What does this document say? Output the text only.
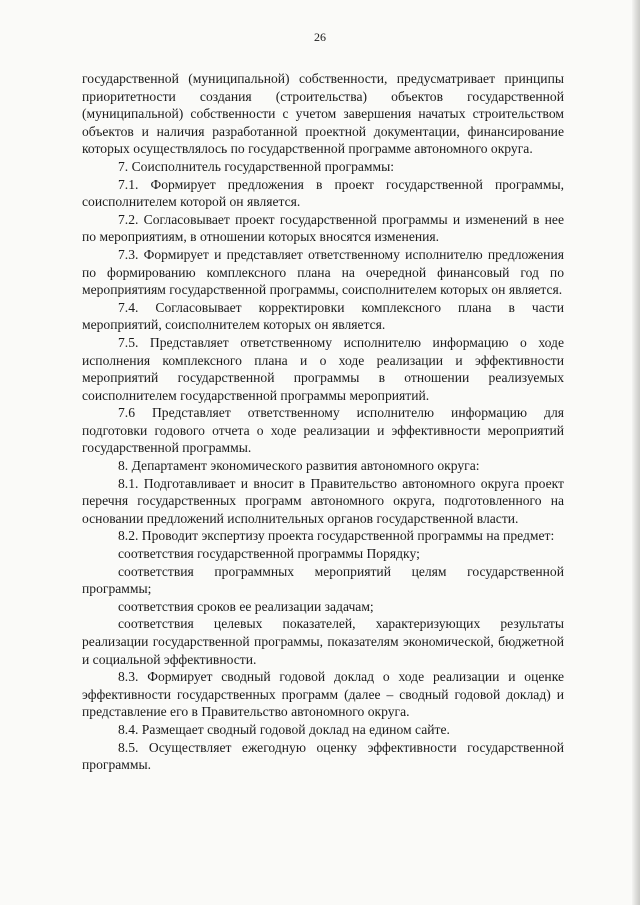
26

государственной (муниципальной) собственности, предусматривает принципы приоритетности создания (строительства) объектов государственной (муниципальной) собственности с учетом завершения начатых строительством объектов и наличия разработанной проектной документации, финансирование которых осуществлялось по государственной программе автономного округа.

7. Соисполнитель государственной программы:

7.1. Формирует предложения в проект государственной программы, соисполнителем которой он является.

7.2. Согласовывает проект государственной программы и изменений в нее по мероприятиям, в отношении которых вносятся изменения.

7.3. Формирует и представляет ответственному исполнителю предложения по формированию комплексного плана на очередной финансовый год по мероприятиям государственной программы, соисполнителем которых он является.

7.4. Согласовывает корректировки комплексного плана в части мероприятий, соисполнителем которых он является.

7.5. Представляет ответственному исполнителю информацию о ходе исполнения комплексного плана и о ходе реализации и эффективности мероприятий государственной программы в отношении реализуемых соисполнителем государственной программы мероприятий.

7.6 Представляет ответственному исполнителю информацию для подготовки годового отчета о ходе реализации и эффективности мероприятий государственной программы.

8. Департамент экономического развития автономного округа:

8.1. Подготавливает и вносит в Правительство автономного округа проект перечня государственных программ автономного округа, подготовленного на основании предложений исполнительных органов государственной власти.

8.2. Проводит экспертизу проекта государственной программы на предмет:

соответствия государственной программы Порядку;

соответствия программных мероприятий целям государственной программы;

соответствия сроков ее реализации задачам;

соответствия целевых показателей, характеризующих результаты реализации государственной программы, показателям экономической, бюджетной и социальной эффективности.

8.3. Формирует сводный годовой доклад о ходе реализации и оценке эффективности государственных программ (далее – сводный годовой доклад) и представление его в Правительство автономного округа.

8.4. Размещает сводный годовой доклад на едином сайте.

8.5. Осуществляет ежегодную оценку эффективности государственной программы.
